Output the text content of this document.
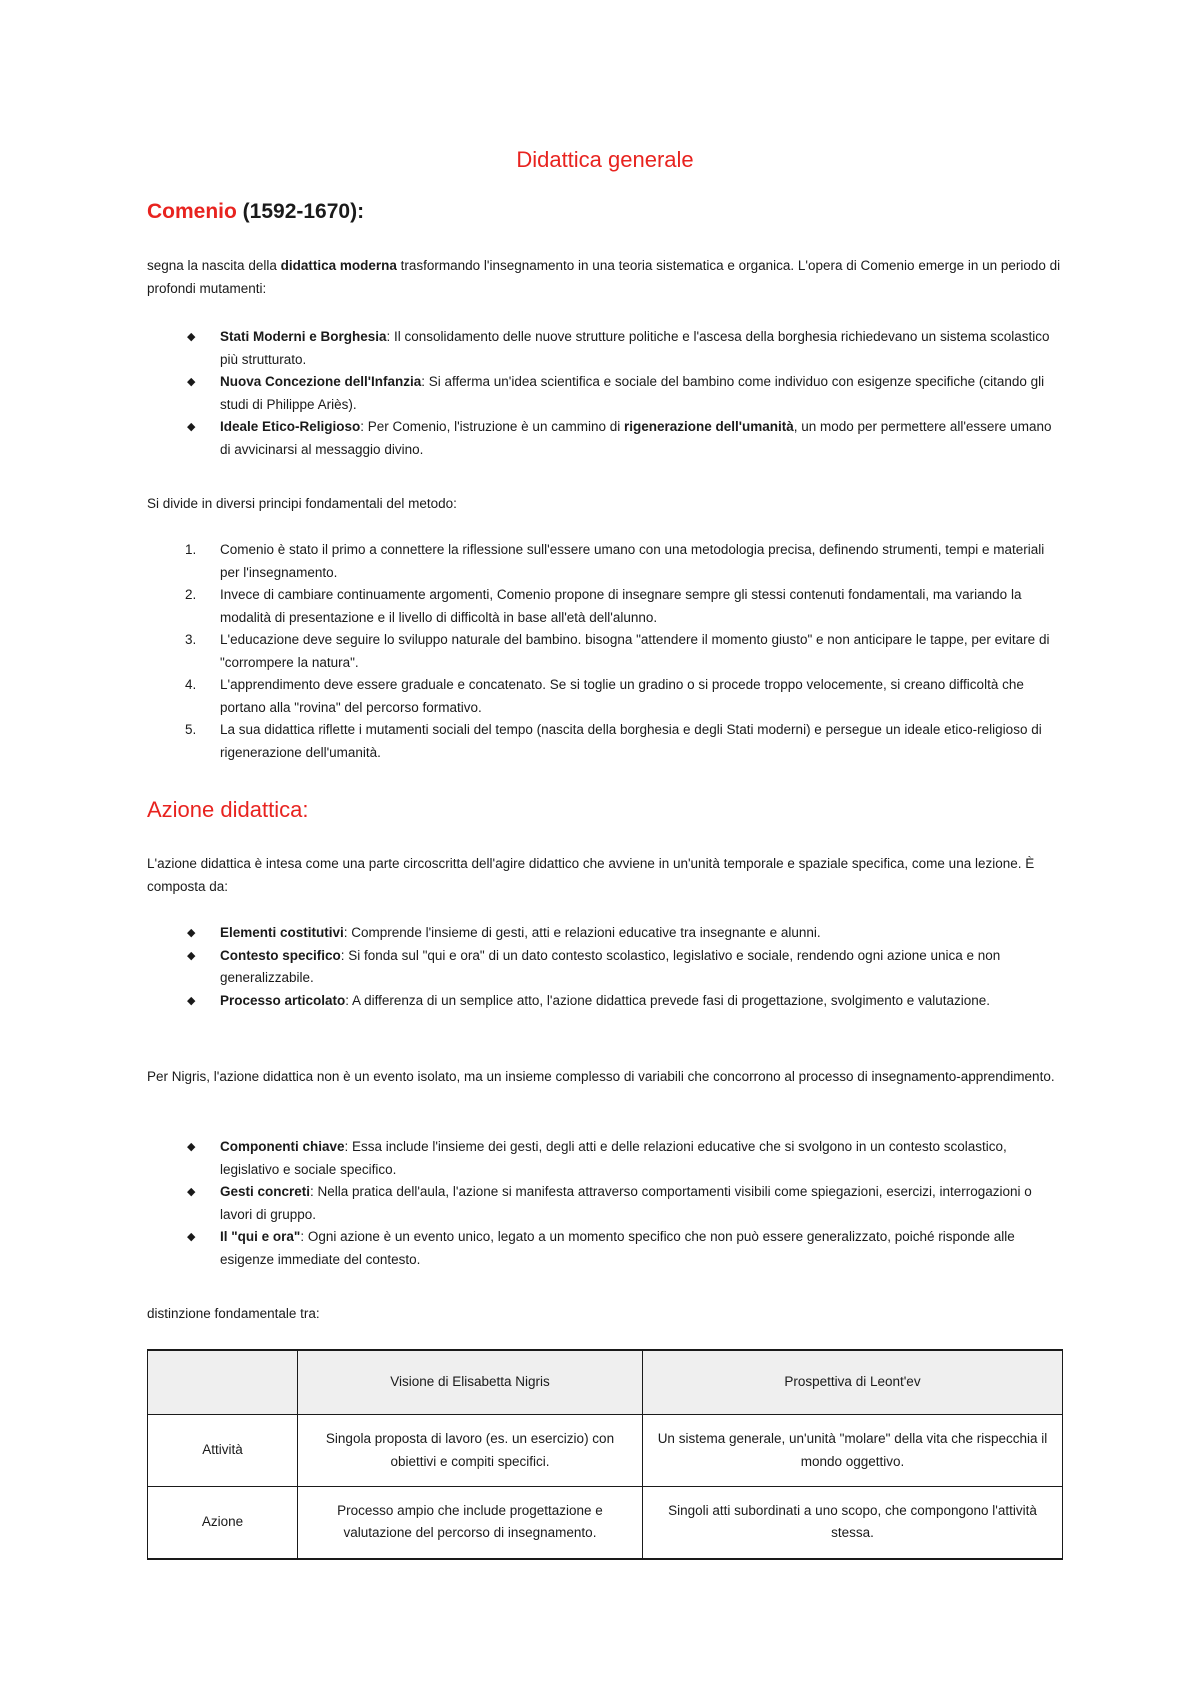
Didattica generale
Comenio (1592-1670):

segna la nascita della didattica moderna trasformando l'insegnamento in una teoria sistematica e organica. L'opera di Comenio emerge in un periodo di profondi mutamenti:

◆ Stati Moderni e Borghesia: Il consolidamento delle nuove strutture politiche e l'ascesa della borghesia richiedevano un sistema scolastico più strutturato.
◆ Nuova Concezione dell'Infanzia: Si afferma un'idea scientifica e sociale del bambino come individuo con esigenze specifiche (citando gli studi di Philippe Ariès).
◆ Ideale Etico-Religioso: Per Comenio, l'istruzione è un cammino di rigenerazione dell'umanità, un modo per permettere all'essere umano di avvicinarsi al messaggio divino.

Si divide in diversi principi fondamentali del metodo:

1. Comenio è stato il primo a connettere la riflessione sull'essere umano con una metodologia precisa, definendo strumenti, tempi e materiali per l'insegnamento.
2. Invece di cambiare continuamente argomenti, Comenio propone di insegnare sempre gli stessi contenuti fondamentali, ma variando la modalità di presentazione e il livello di difficoltà in base all'età dell'alunno.
3. L'educazione deve seguire lo sviluppo naturale del bambino. bisogna "attendere il momento giusto" e non anticipare le tappe, per evitare di "corrompere la natura".
4. L'apprendimento deve essere graduale e concatenato. Se si toglie un gradino o si procede troppo velocemente, si creano difficoltà che portano alla "rovina" del percorso formativo.
5. La sua didattica riflette i mutamenti sociali del tempo (nascita della borghesia e degli Stati moderni) e persegue un ideale etico-religioso di rigenerazione dell'umanità.
Azione didattica:

L'azione didattica è intesa come una parte circoscritta dell'agire didattico che avviene in un'unità temporale e spaziale specifica, come una lezione. È composta da:

◆ Elementi costitutivi: Comprende l'insieme di gesti, atti e relazioni educative tra insegnante e alunni.
◆ Contesto specifico: Si fonda sul "qui e ora" di un dato contesto scolastico, legislativo e sociale, rendendo ogni azione unica e non generalizzabile.
◆ Processo articolato: A differenza di un semplice atto, l'azione didattica prevede fasi di progettazione, svolgimento e valutazione.

Per Nigris, l'azione didattica non è un evento isolato, ma un insieme complesso di variabili che concorrono al processo di insegnamento-apprendimento.

◆ Componenti chiave: Essa include l'insieme dei gesti, degli atti e delle relazioni educative che si svolgono in un contesto scolastico, legislativo e sociale specifico.
◆ Gesti concreti: Nella pratica dell'aula, l'azione si manifesta attraverso comportamenti visibili come spiegazioni, esercizi, interrogazioni o lavori di gruppo.
◆ Il "qui e ora": Ogni azione è un evento unico, legato a un momento specifico che non può essere generalizzato, poiché risponde alle esigenze immediate del contesto.

distinzione fondamentale tra:

	Visione di Elisabetta Nigris	Prospettiva di Leont'ev
Attività	Singola proposta di lavoro (es. un esercizio) con obiettivi e compiti specifici.	Un sistema generale, un'unità "molare" della vita che rispecchia il mondo oggettivo.
Azione	Processo ampio che include progettazione e valutazione del percorso di insegnamento.	Singoli atti subordinati a uno scopo, che compongono l'attività stessa.
